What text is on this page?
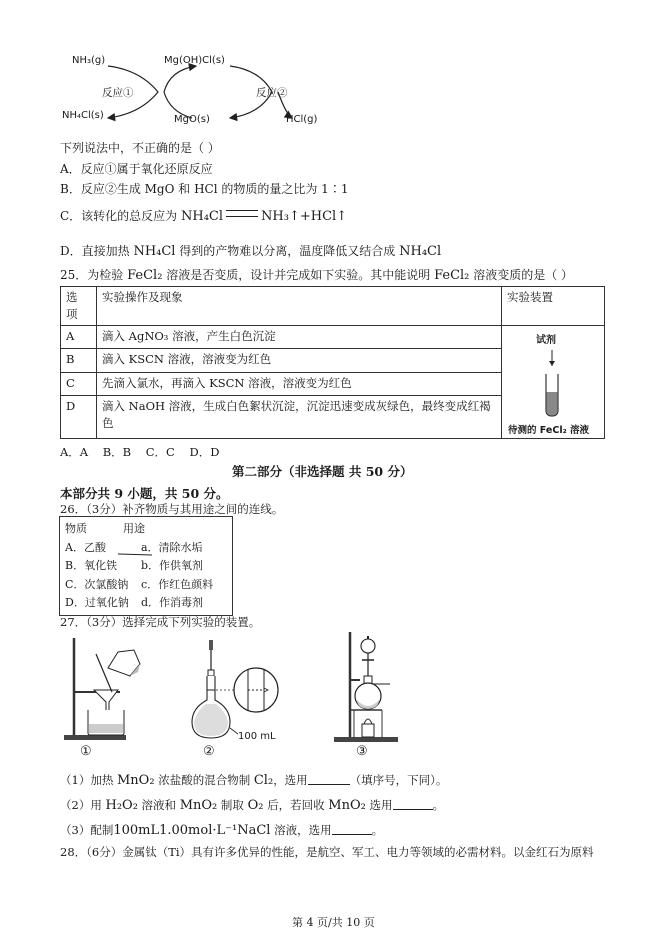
NH₃(g)	Mg(OH)Cl(s)
NH₄Cl(s)	MgO(s)	HCl(g)
反应①	反应②
下列说法中，不正确的是（ ）
A．反应①属于氧化还原反应
B．反应②生成 MgO 和 HCl 的物质的量之比为 1∶1
C．该转化的总反应为 NH₄Cl	NH₃↑+HCl↑
D．直接加热 NH₄Cl 得到的产物难以分离，温度降低又结合成 NH₄Cl
25．为检验 FeCl₂ 溶液是否变质，设计并完成如下实验。其中能说明 FeCl₂ 溶液变质的是（ ）
选项	实验操作及现象	实验装置
A	滴入 AgNO₃ 溶液，产生白色沉淀	试剂
待测的 FeCl₂ 溶液

B	滴入 KSCN 溶液，溶液变为红色	
C	先滴入氯水，再滴入 KSCN 溶液，溶液变为红色	
D	滴入 NaOH 溶液，生成白色絮状沉淀，沉淀迅速变成灰绿色，最终变成红褐色	
A．A    B．B    C．C    D．D
第二部分（非选择题 共 50 分）
本部分共 9 小题，共 50 分。
26．（3分）补齐物质与其用途之间的连线。
物质	用途
A．乙酸	a．清除水垢
B．氧化铁 b．作供氧剂
C．次氯酸钠 c．作红色颜料
D．过氧化钠 d．作消毒剂
27．（3分）选择完成下列实验的装置。
①
100 mL
②	③
（1）加热 MnO₂ 浓盐酸的混合物制 Cl₂，选用	（填序号，下同）。
（2）用 H₂O₂ 溶液和 MnO₂ 制取 O₂ 后，若回收 MnO₂ 选用	。
（3）配制100mL1.00mol·L⁻¹NaCl 溶液，选用	。
28．（6分）金属钛（Ti）具有许多优异的性能，是航空、军工、电力等领域的必需材料。以金红石为原料
第 4 页/共 10 页
